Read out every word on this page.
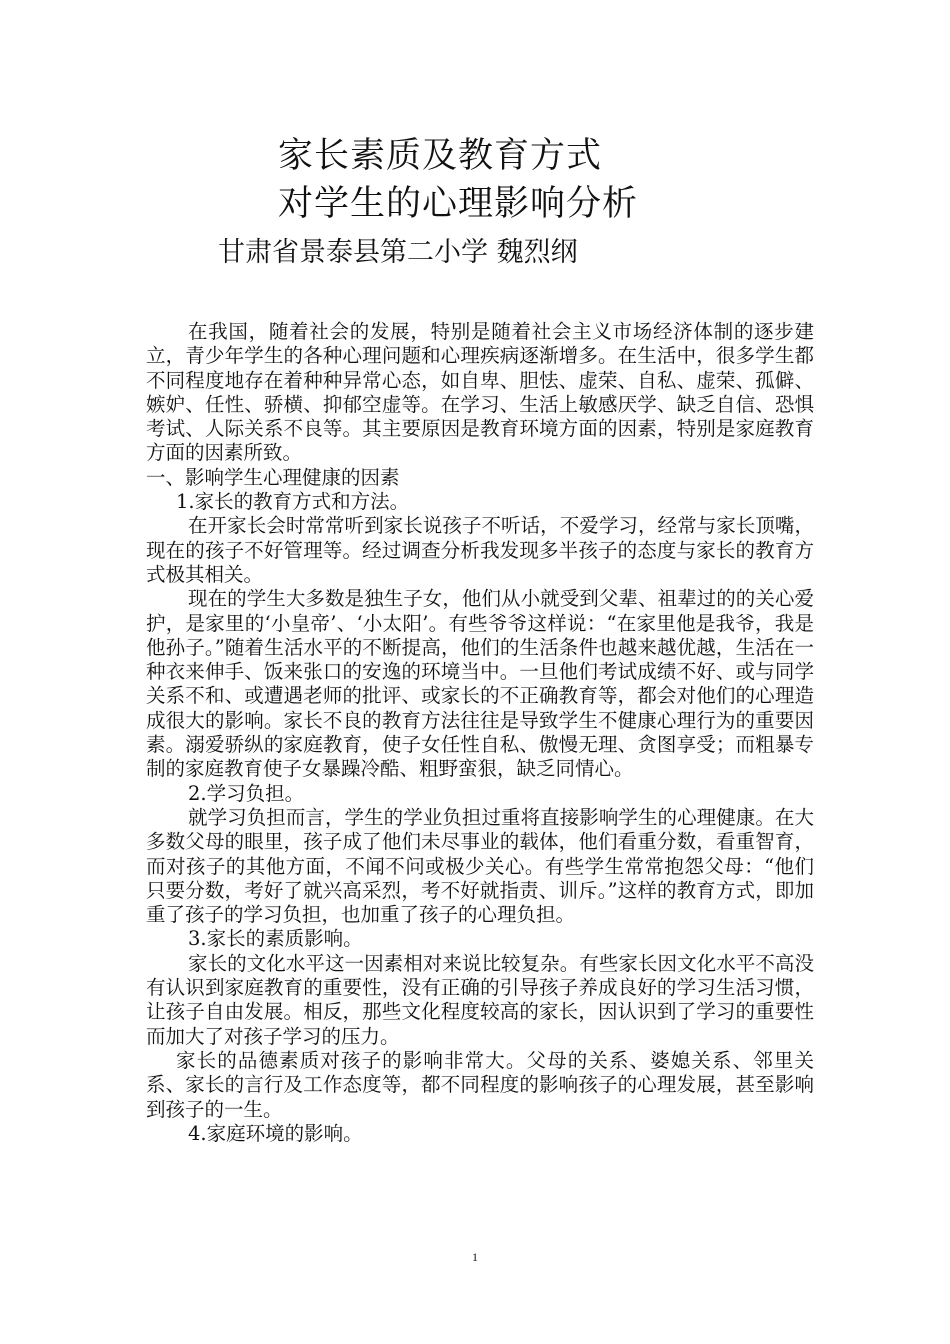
家长素质及教育方式
对学生的心理影响分析
甘肃省景泰县第二小学 魏烈纲

在我国，随着社会的发展，特别是随着社会主义市场经济体制的逐步建立，青少年学生的各种心理问题和心理疾病逐渐增多。在生活中，很多学生都不同程度地存在着种种异常心态，如自卑、胆怯、虚荣、自私、虚荣、孤僻、嫉妒、任性、骄横、抑郁空虚等。在学习、生活上敏感厌学、缺乏自信、恐惧考试、人际关系不良等。其主要原因是教育环境方面的因素，特别是家庭教育方面的因素所致。

一、影响学生心理健康的因素

1.家长的教育方式和方法。

在开家长会时常常听到家长说孩子不听话，不爱学习，经常与家长顶嘴，现在的孩子不好管理等。经过调查分析我发现多半孩子的态度与家长的教育方式极其相关。

现在的学生大多数是独生子女，他们从小就受到父辈、祖辈过的的关心爱护，是家里的‘小皇帝’、‘小太阳’。有些爷爷这样说：“在家里他是我爷，我是他孙子。”随着生活水平的不断提高，他们的生活条件也越来越优越，生活在一种衣来伸手、饭来张口的安逸的环境当中。一旦他们考试成绩不好、或与同学关系不和、或遭遇老师的批评、或家长的不正确教育等，都会对他们的心理造成很大的影响。家长不良的教育方法往往是导致学生不健康心理行为的重要因素。溺爱骄纵的家庭教育，使子女任性自私、傲慢无理、贪图享受；而粗暴专制的家庭教育使子女暴躁冷酷、粗野蛮狠，缺乏同情心。

2.学习负担。

就学习负担而言，学生的学业负担过重将直接影响学生的心理健康。在大多数父母的眼里，孩子成了他们未尽事业的载体，他们看重分数，看重智育，而对孩子的其他方面，不闻不问或极少关心。有些学生常常抱怨父母：“他们只要分数，考好了就兴高采烈，考不好就指责、训斥。”这样的教育方式，即加重了孩子的学习负担，也加重了孩子的心理负担。

3.家长的素质影响。

家长的文化水平这一因素相对来说比较复杂。有些家长因文化水平不高没有认识到家庭教育的重要性，没有正确的引导孩子养成良好的学习生活习惯，让孩子自由发展。相反，那些文化程度较高的家长，因认识到了学习的重要性而加大了对孩子学习的压力。

家长的品德素质对孩子的影响非常大。父母的关系、婆媳关系、邻里关系、家长的言行及工作态度等，都不同程度的影响孩子的心理发展，甚至影响到孩子的一生。

4.家庭环境的影响。

1
